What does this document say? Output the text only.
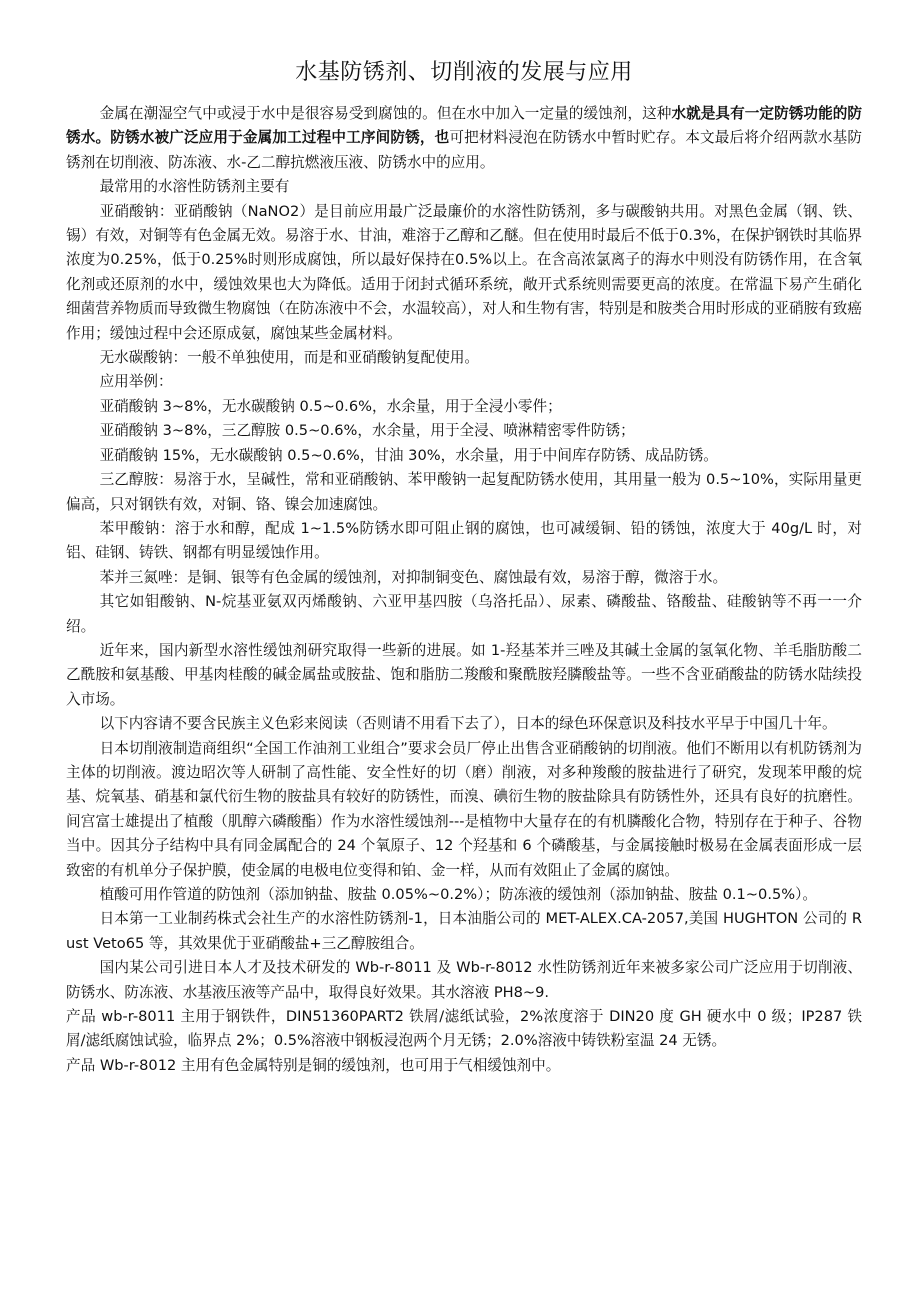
水基防锈剂、切削液的发展与应用

金属在潮湿空气中或浸于水中是很容易受到腐蚀的。但在水中加入一定量的缓蚀剂，这种水就是具有一定防锈功能的防锈水。防锈水被广泛应用于金属加工过程中工序间防锈，也可把材料浸泡在防锈水中暂时贮存。本文最后将介绍两款水基防锈剂在切削液、防冻液、水-乙二醇抗燃液压液、防锈水中的应用。

最常用的水溶性防锈剂主要有

亚硝酸钠：亚硝酸钠（NaNO2）是目前应用最广泛最廉价的水溶性防锈剂，多与碳酸钠共用。对黑色金属（钢、铁、锡）有效，对铜等有色金属无效。易溶于水、甘油，难溶于乙醇和乙醚。但在使用时最后不低于0.3%，在保护钢铁时其临界浓度为0.25%，低于0.25%时则形成腐蚀，所以最好保持在0.5%以上。在含高浓氯离子的海水中则没有防锈作用，在含氧化剂或还原剂的水中，缓蚀效果也大为降低。适用于闭封式循环系统，敞开式系统则需要更高的浓度。在常温下易产生硝化细菌营养物质而导致微生物腐蚀（在防冻液中不会，水温较高），对人和生物有害，特别是和胺类合用时形成的亚硝胺有致癌作用；缓蚀过程中会还原成氨，腐蚀某些金属材料。

无水碳酸钠：一般不单独使用，而是和亚硝酸钠复配使用。

应用举例：

亚硝酸钠 3~8%，无水碳酸钠 0.5~0.6%，水余量，用于全浸小零件；

亚硝酸钠 3~8%，三乙醇胺 0.5~0.6%，水余量，用于全浸、喷淋精密零件防锈；

亚硝酸钠 15%，无水碳酸钠 0.5~0.6%，甘油 30%，水余量，用于中间库存防锈、成品防锈。

三乙醇胺：易溶于水，呈碱性，常和亚硝酸钠、苯甲酸钠一起复配防锈水使用，其用量一般为 0.5~10%，实际用量更偏高，只对钢铁有效，对铜、铬、镍会加速腐蚀。

苯甲酸钠：溶于水和醇，配成 1~1.5%防锈水即可阻止钢的腐蚀，也可减缓铜、铅的锈蚀，浓度大于 40g/L 时，对铝、硅钢、铸铁、钢都有明显缓蚀作用。

苯并三氮唑：是铜、银等有色金属的缓蚀剂，对抑制铜变色、腐蚀最有效，易溶于醇，微溶于水。

其它如钼酸钠、N-烷基亚氨双丙烯酸钠、六亚甲基四胺（乌洛托品）、尿素、磷酸盐、铬酸盐、硅酸钠等不再一一介绍。

近年来，国内新型水溶性缓蚀剂研究取得一些新的进展。如 1-羟基苯并三唑及其碱土金属的氢氧化物、羊毛脂肪酸二乙酰胺和氨基酸、甲基肉桂酸的碱金属盐或胺盐、饱和脂肪二羧酸和聚酰胺羟膦酸盐等。一些不含亚硝酸盐的防锈水陆续投入市场。

以下内容请不要含民族主义色彩来阅读（否则请不用看下去了），日本的绿色环保意识及科技水平早于中国几十年。

日本切削液制造商组织“全国工作油剂工业组合”要求会员厂停止出售含亚硝酸钠的切削液。他们不断用以有机防锈剂为主体的切削液。渡边昭次等人研制了高性能、安全性好的切（磨）削液，对多种羧酸的胺盐进行了研究，发现苯甲酸的烷基、烷氧基、硝基和氯代衍生物的胺盐具有较好的防锈性，而溴、碘衍生物的胺盐除具有防锈性外，还具有良好的抗磨性。间宫富士雄提出了植酸（肌醇六磷酸酯）作为水溶性缓蚀剂---是植物中大量存在的有机膦酸化合物，特别存在于种子、谷物当中。因其分子结构中具有同金属配合的 24 个氧原子、12 个羟基和 6 个磷酸基，与金属接触时极易在金属表面形成一层致密的有机单分子保护膜，使金属的电极电位变得和铂、金一样，从而有效阻止了金属的腐蚀。

植酸可用作管道的防蚀剂（添加钠盐、胺盐 0.05%~0.2%）；防冻液的缓蚀剂（添加钠盐、胺盐 0.1~0.5%）。

日本第一工业制药株式会社生产的水溶性防锈剂-1，日本油脂公司的 MET-ALEX.CA-2057,美国 HUGHTON 公司的 Rust Veto65 等，其效果优于亚硝酸盐+三乙醇胺组合。

国内某公司引进日本人才及技术研发的 Wb-r-8011 及 Wb-r-8012 水性防锈剂近年来被多家公司广泛应用于切削液、防锈水、防冻液、水基液压液等产品中，取得良好效果。其水溶液 PH8~9.

产品 wb-r-8011 主用于钢铁件，DIN51360PART2 铁屑/滤纸试验，2%浓度溶于 DIN20 度 GH 硬水中 0 级；IP287 铁屑/滤纸腐蚀试验，临界点 2%；0.5%溶液中钢板浸泡两个月无锈；2.0%溶液中铸铁粉室温 24 无锈。

产品 Wb-r-8012 主用有色金属特别是铜的缓蚀剂，也可用于气相缓蚀剂中。
